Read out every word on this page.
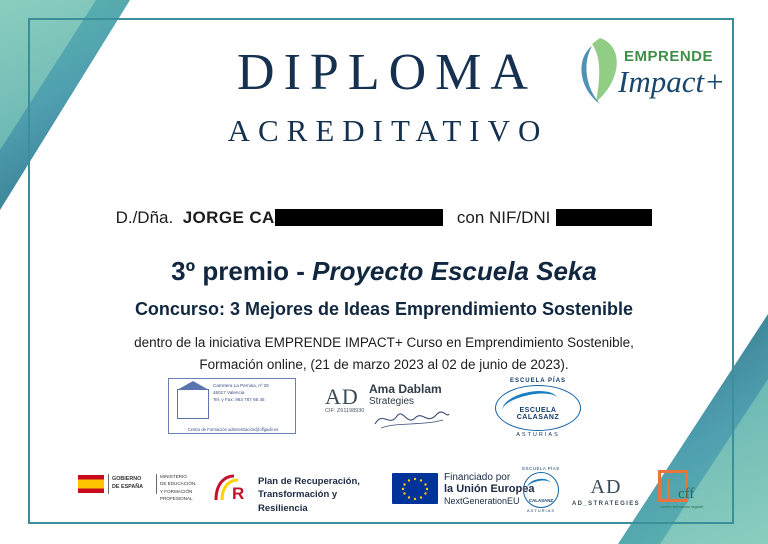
DIPLOMA
ACREDITATIVO
EMPRENDE
Impact+
D./Dña. JORGE CA	con NIF/DNI
3º premio - Proyecto Escuela Seka
Concurso: 3 Mejores de Ideas Emprendimiento Sostenible
dentro de la iniciativa EMPRENDE IMPACT+ Curso en Emprendimiento Sostenible,
Formación online, (21 de marzo 2023 al 02 de junio de 2023).
Carretera La Pernisa, nº 20
46017 Valencia
Tel. y Fax: 963 787 66 45
Centro de Formación administración@cffgadir.es
AD Ama Dablam
Strategies
CIF: Z61198930
ESCUELA PÍAS
ESCUELA
CALASANZ
ASTURIAS
GOBIERNO
DE ESPAÑA
MINISTERIO
DE EDUCACIÓN,
Y FORMACIÓN PROFESIONAL	R
Plan de Recuperación,
Transformación y Resiliencia
Financiado por
la Unión Europea
NextGenerationEU
ESCUELA PÍAS
CALASANZ
ASTURIAS
AD
AD_STRATEGIES
cff
centro formación fagadir
